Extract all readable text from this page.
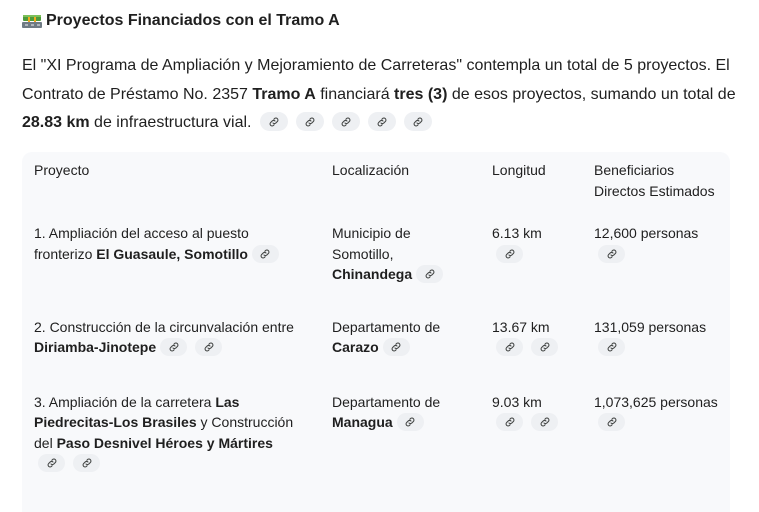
Proyectos Financiados con el Tramo A
El "XI Programa de Ampliación y Mejoramiento de Carreteras" contempla un total de 5 proyectos. El Contrato de Préstamo No. 2357 Tramo A financiará tres (3) de esos proyectos, sumando un total de 28.83 km de infraestructura vial.
Proyecto	Localización	Longitud	Beneficiarios Directos Estimados
1. Ampliación del acceso al puesto fronterizo El Guasaule, Somotillo	Municipio de Somotillo, Chinandega	6.13 km	12,600 personas

2. Construcción de la circunvalación entre Diriamba-Jinotepe	Departamento de Carazo	13.67 km	131,059 personas

3. Ampliación de la carretera Las Piedrecitas-Los Brasiles y Construcción del Paso Desnivel Héroes y Mártires	Departamento de Managua	9.03 km	1,073,625 personas
